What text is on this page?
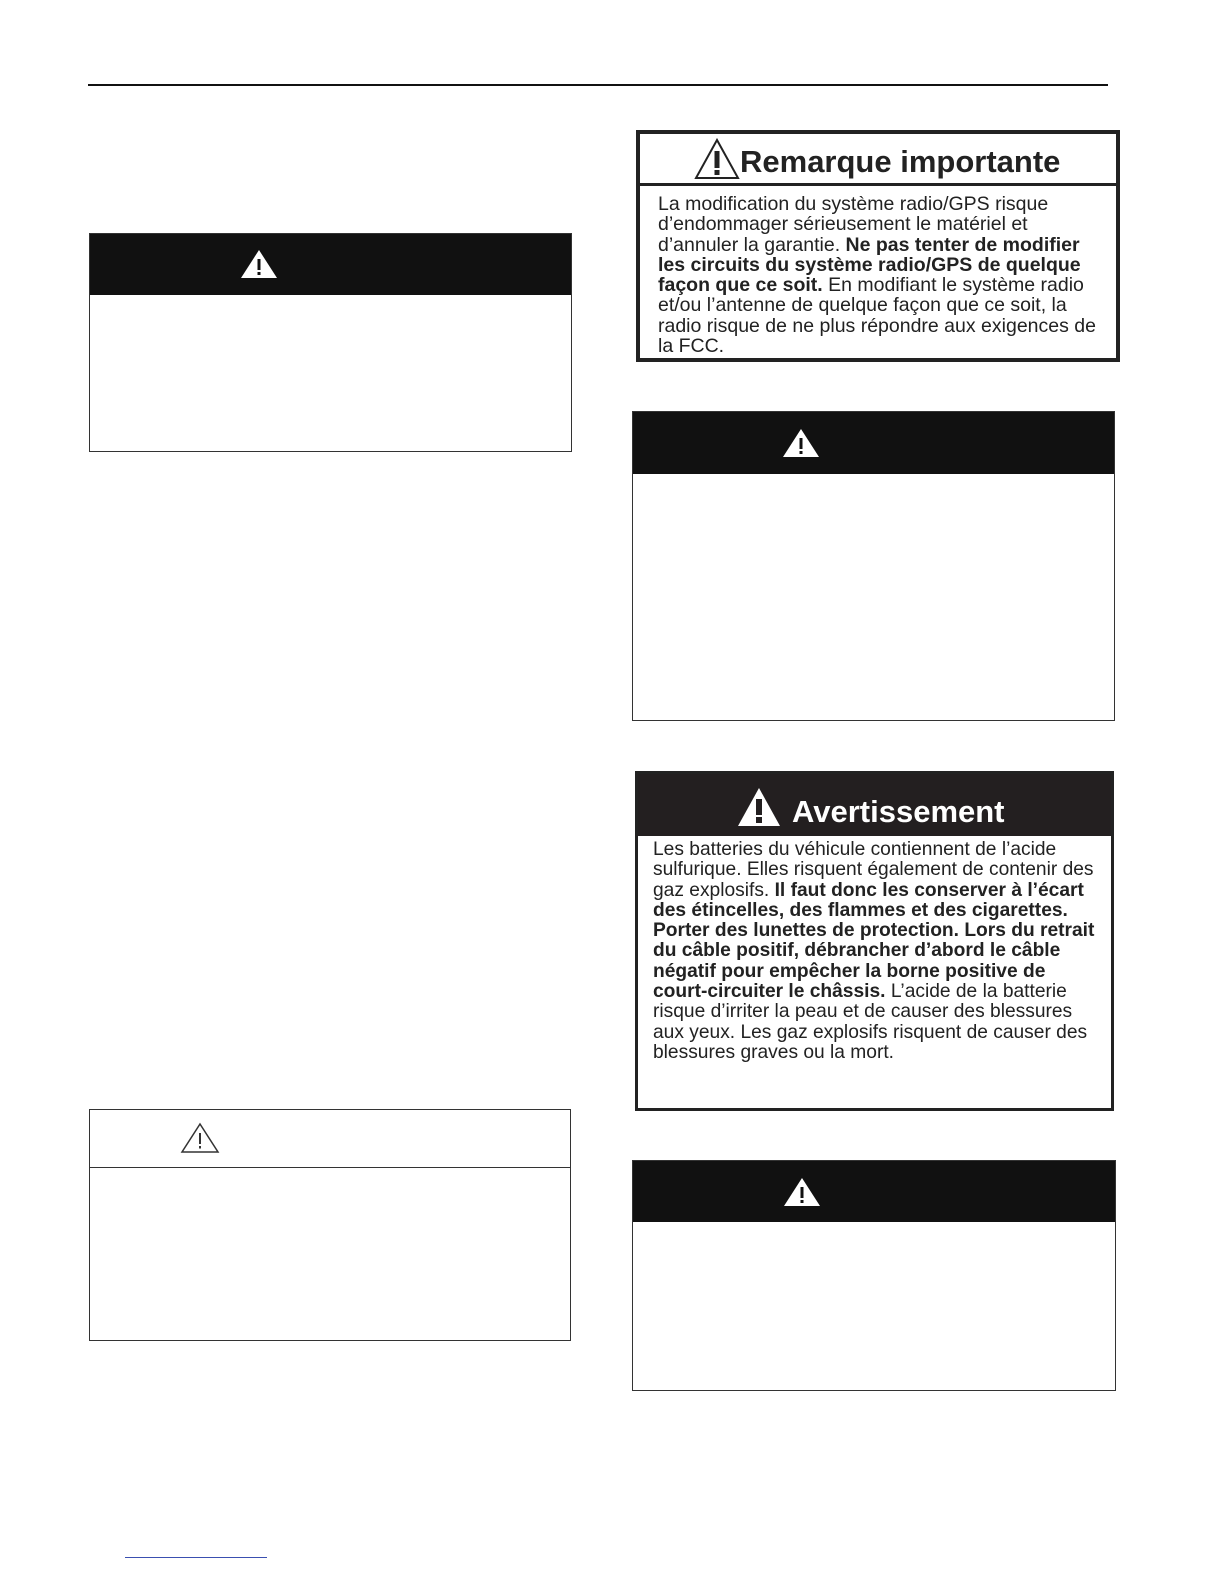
Remarque importante
La modification du système radio/GPS risque d’endommager sérieusement le matériel et d’annuler la garantie. Ne pas tenter de modifier les circuits du système radio/GPS de quelque façon que ce soit. En modifiant le système radio et/ou l’antenne de quelque façon que ce soit, la radio risque de ne plus répondre aux exigences de la FCC.
Avertissement
Les batteries du véhicule contiennent de l’acide sulfurique. Elles risquent également de contenir des gaz explosifs. Il faut donc les conserver à l’écart des étincelles, des flammes et des cigarettes. Porter des lunettes de protection. Lors du retrait du câble positif, débrancher d’abord le câble négatif pour empêcher la borne positive de court-circuiter le châssis. L’acide de la batterie risque d’irriter la peau et de causer des blessures aux yeux. Les gaz explosifs risquent de causer des blessures graves ou la mort.
